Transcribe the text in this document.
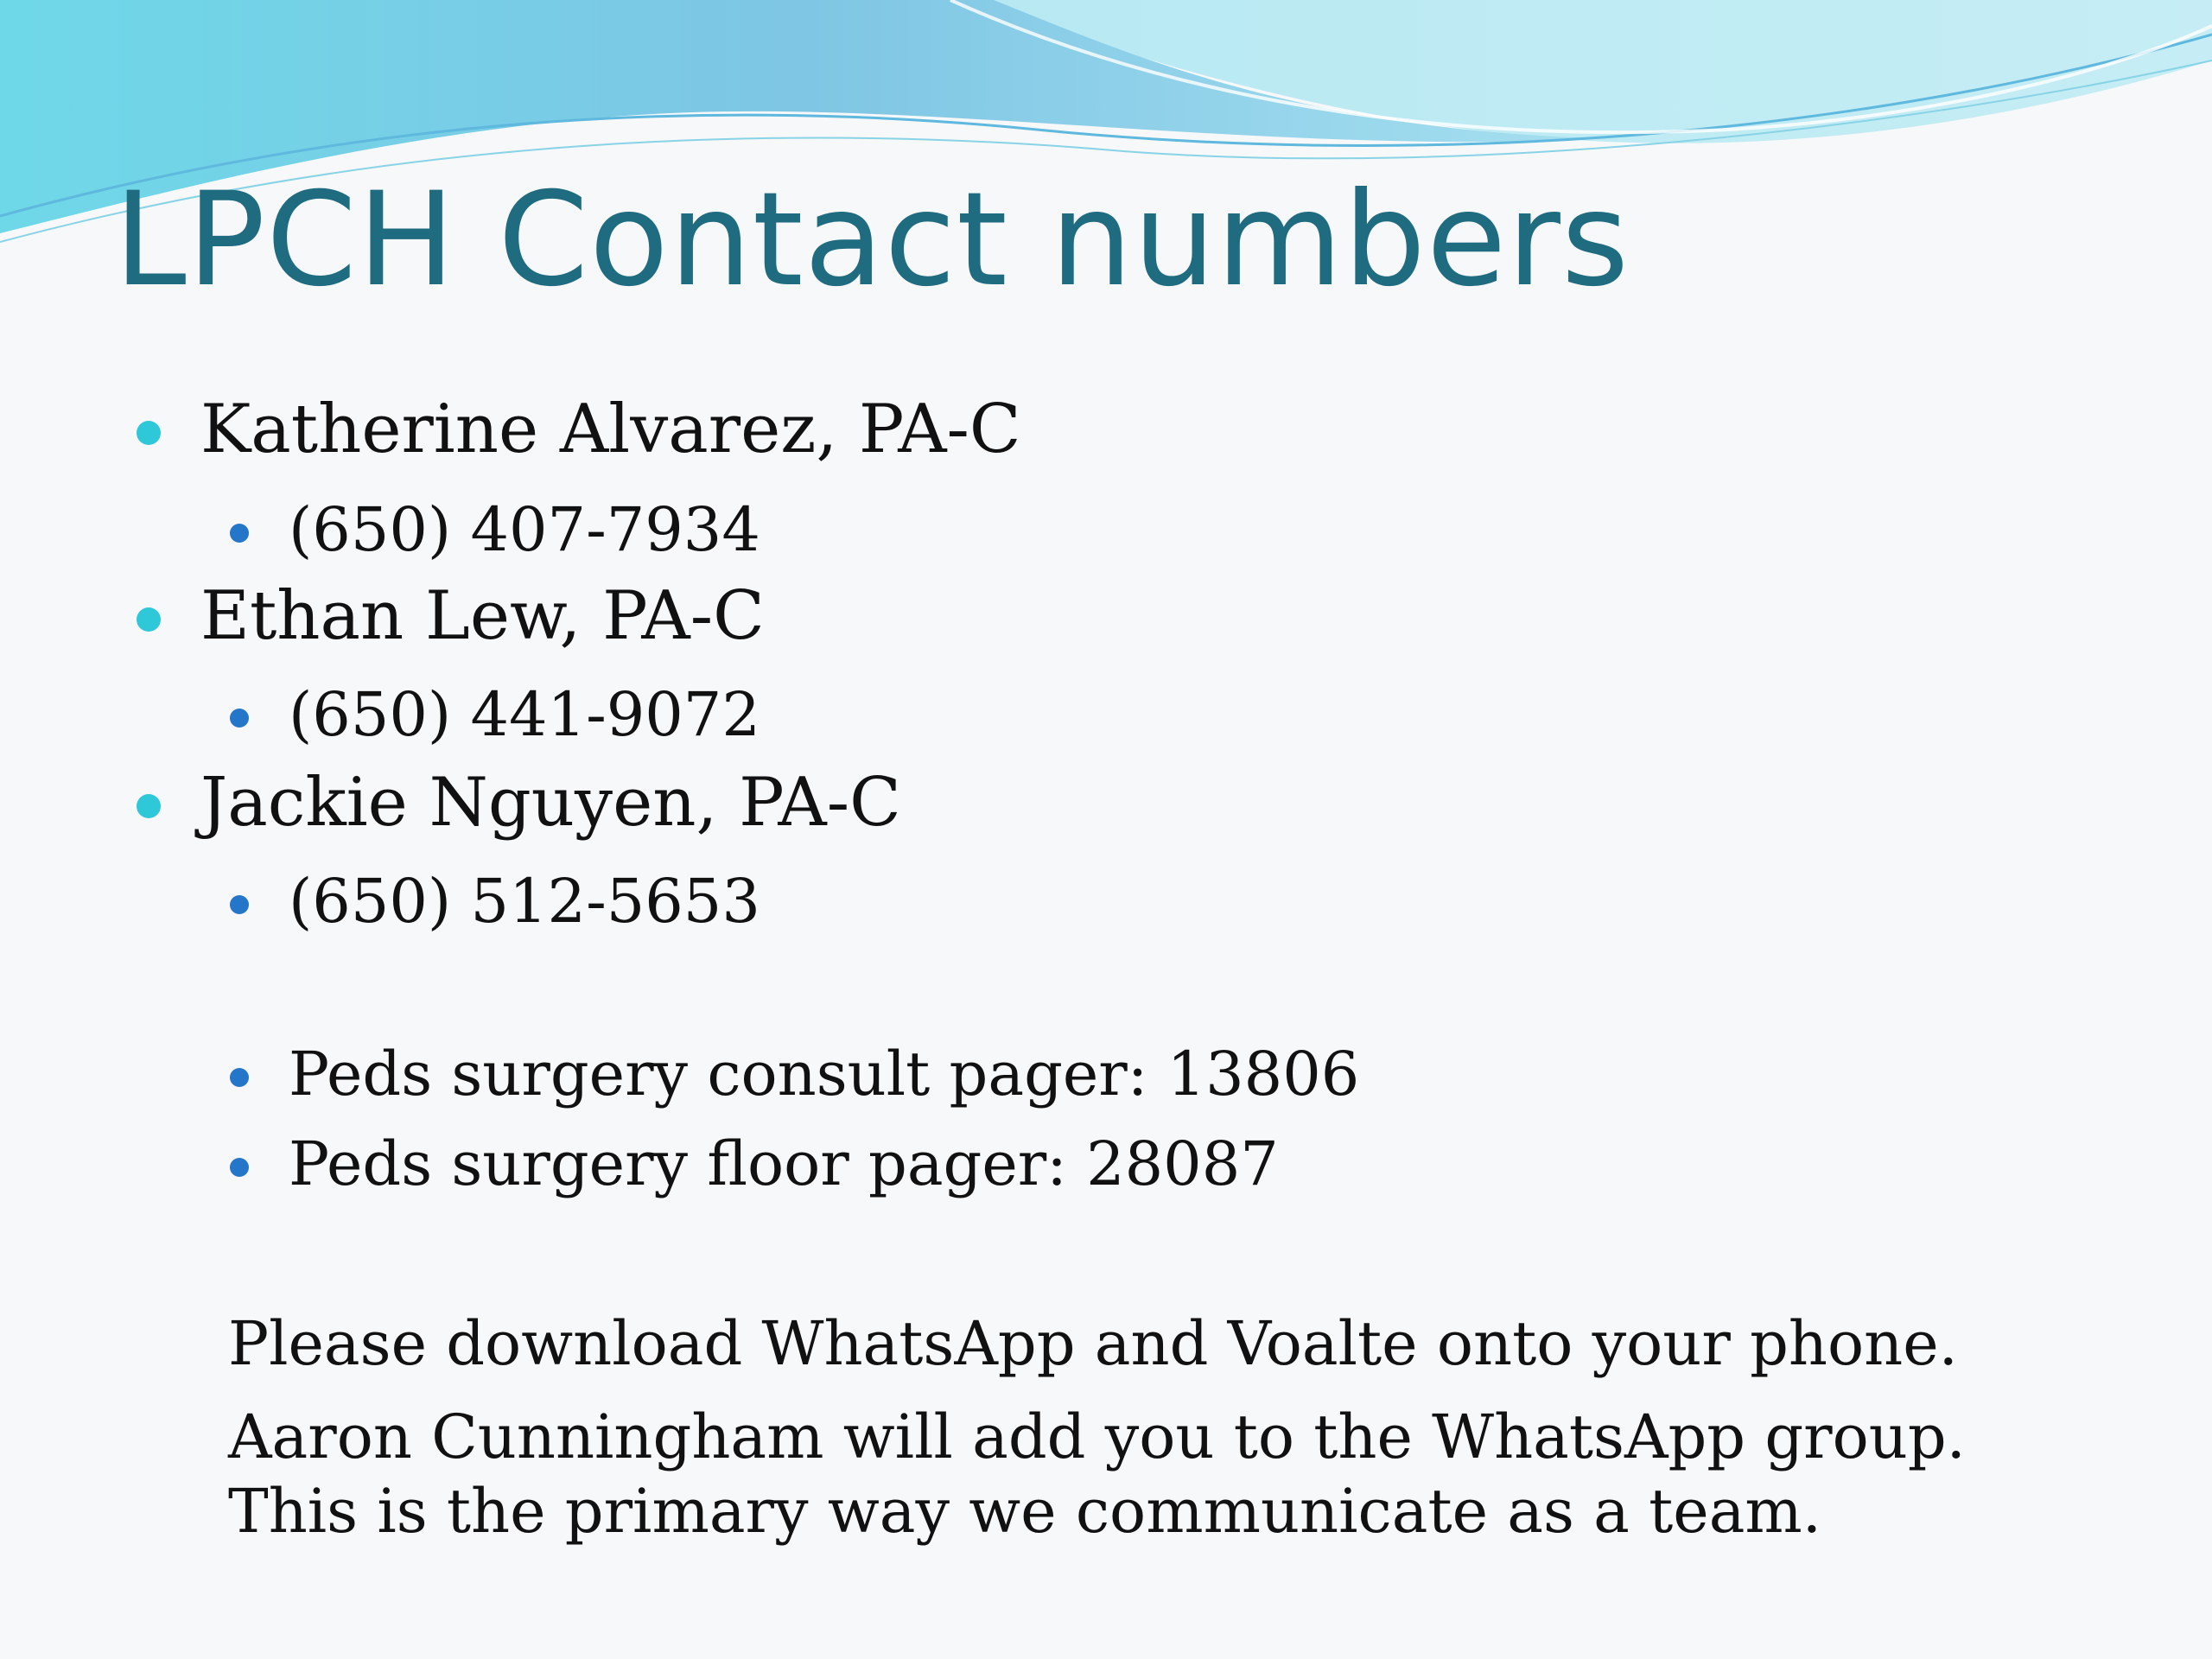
LPCH Contact numbers
Katherine Alvarez, PA-C
(650) 407-7934
Ethan Lew, PA-C
(650) 441-9072
Jackie Nguyen, PA-C
(650) 512-5653
Peds surgery consult pager: 13806
Peds surgery floor pager: 28087
Please download WhatsApp and Voalte onto your phone.
Aaron Cunningham will add you to the WhatsApp group. This is the primary way we communicate as a team.
